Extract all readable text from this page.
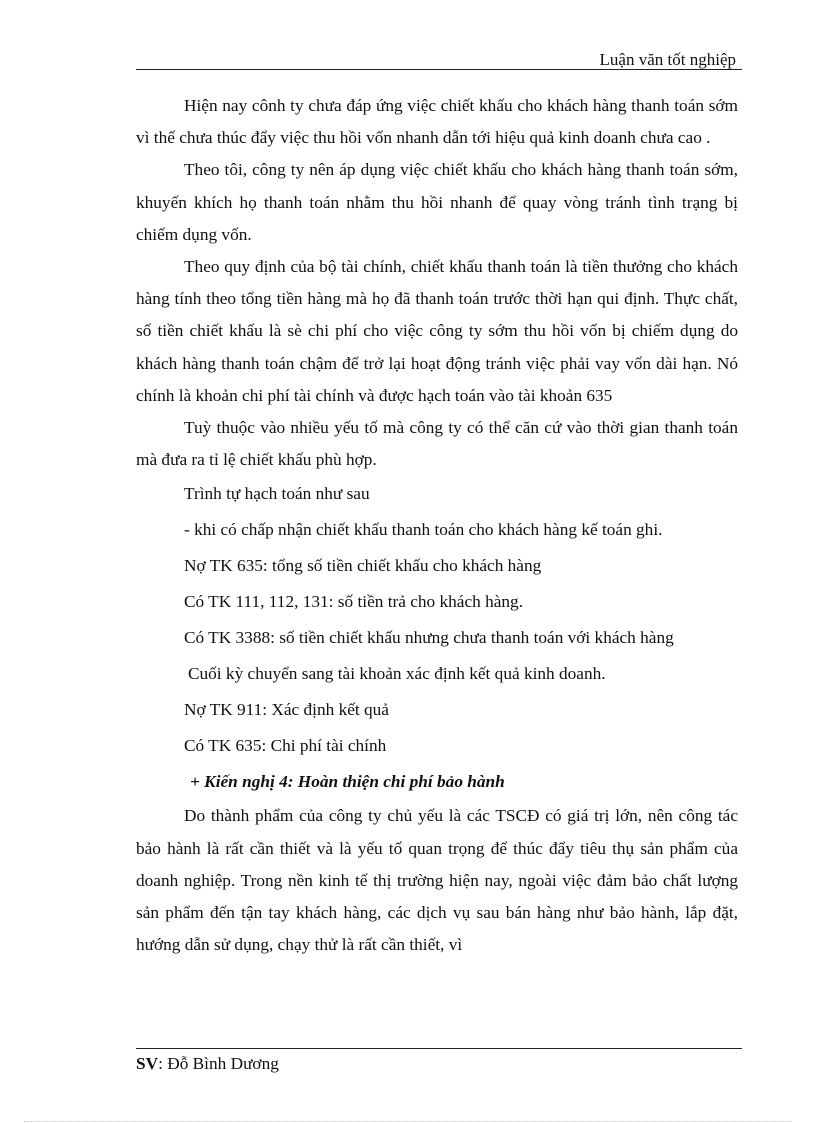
Luận văn tốt nghiệp

Hiện nay cônh ty chưa đáp ứng việc chiết khấu cho khách hàng thanh toán sớm vì thế chưa thúc đẩy việc thu hồi vốn nhanh dẫn tới hiệu quả kinh doanh chưa cao .

Theo tôi, công ty nên áp dụng việc chiết khấu cho khách hàng thanh toán sớm, khuyến khích họ thanh toán nhằm thu hồi nhanh để quay vòng tránh tình trạng bị chiếm dụng vốn.

Theo quy định của bộ tài chính, chiết khấu thanh toán là tiền thưởng cho khách hàng tính theo tổng tiền hàng mà họ đã thanh toán trước thời hạn qui định. Thực chất, số tiền chiết khấu là sè chi phí cho việc công ty sớm thu hồi vốn bị chiếm dụng do khách hàng thanh toán chậm để trở lại hoạt động tránh việc phải vay vốn dài hạn. Nó chính là khoản chi phí tài chính và được hạch toán vào tài khoản 635

Tuỳ thuộc vào nhiều yếu tố mà công ty có thể căn cứ vào thời gian thanh toán mà đưa ra tỉ lệ chiết khấu phù hợp.

Trình tự hạch toán như sau

- khi có chấp nhận chiết khấu thanh toán cho khách hàng kế toán ghi.

Nợ TK 635: tổng số tiền chiết khấu cho khách hàng

Có TK 111, 112, 131: số tiền trả cho khách hàng.

Có TK 3388: số tiền chiết khấu nhưng chưa thanh toán với khách hàng

Cuối kỳ chuyển sang tài khoản xác định kết quả kinh doanh.

Nợ TK 911: Xác định kết quả

Có TK 635: Chi phí tài chính

+ Kiến nghị 4: Hoàn thiện chi phí bảo hành

Do thành phẩm của công ty chủ yếu là các TSCĐ có giá trị lớn, nên công tác bảo hành là rất cần thiết và là yếu tố quan trọng để thúc đẩy tiêu thụ sản phẩm của doanh nghiệp. Trong nền kinh tế thị trường hiện nay, ngoài việc đảm bảo chất lượng sản phẩm đến tận tay khách hàng, các dịch vụ sau bán hàng như bảo hành, lắp đặt, hướng dẫn sử dụng, chạy thử là rất cần thiết, vì

SV: Đỗ Bình Dương
